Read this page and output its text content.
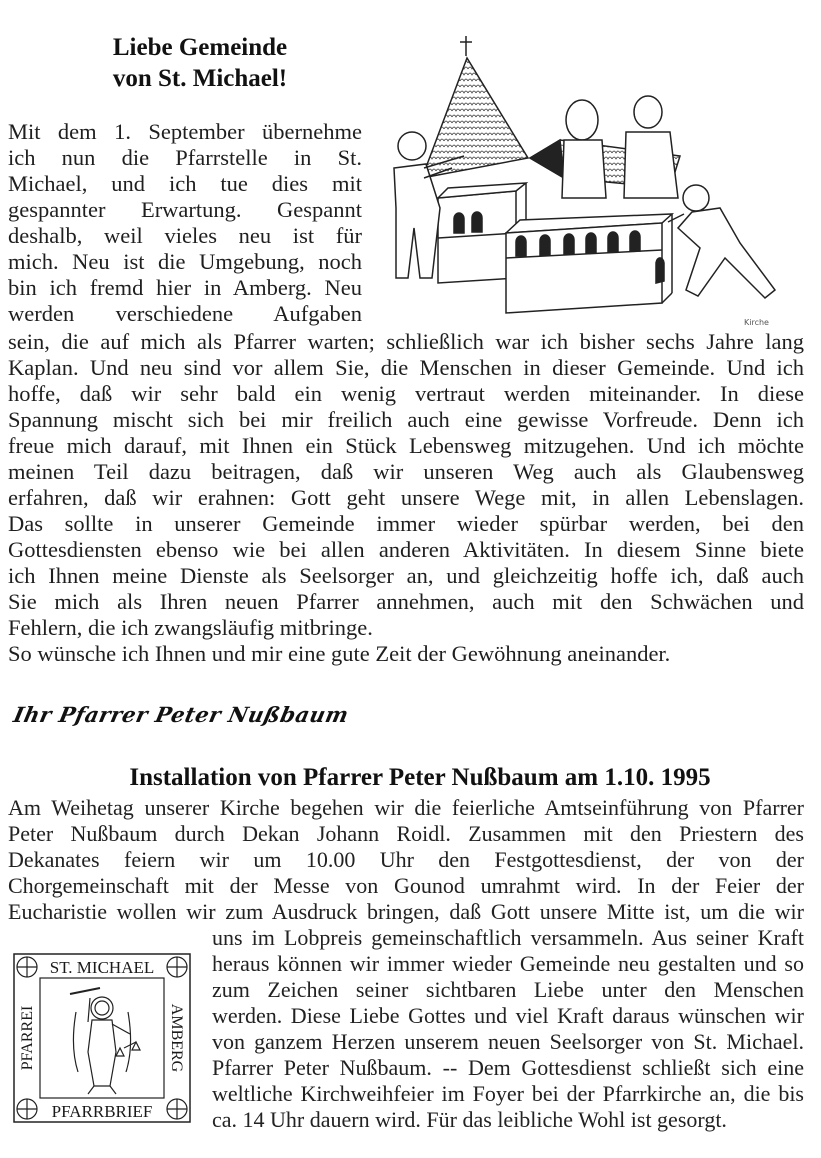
Liebe Gemeinde
von St. Michael!
Mit dem 1. September übernehme
ich nun die Pfarrstelle in St.
Michael, und ich tue dies mit
gespannter Erwartung. Gespannt
deshalb, weil vieles neu ist für
mich. Neu ist die Umgebung, noch
bin ich fremd hier in Amberg. Neu
werden verschiedene Aufgaben
sein, die auf mich als Pfarrer warten; schließlich war ich bisher sechs Jahre lang
Kaplan. Und neu sind vor allem Sie, die Menschen in dieser Gemeinde. Und ich
hoffe, daß wir sehr bald ein wenig vertraut werden miteinander. In diese
Spannung mischt sich bei mir freilich auch eine gewisse Vorfreude. Denn ich
freue mich darauf, mit Ihnen ein Stück Lebensweg mitzugehen. Und ich möchte
meinen Teil dazu beitragen, daß wir unseren Weg auch als Glaubensweg
erfahren, daß wir erahnen: Gott geht unsere Wege mit, in allen Lebenslagen.
Das sollte in unserer Gemeinde immer wieder spürbar werden, bei den
Gottesdiensten ebenso wie bei allen anderen Aktivitäten. In diesem Sinne biete
ich Ihnen meine Dienste als Seelsorger an, und gleichzeitig hoffe ich, daß auch
Sie mich als Ihren neuen Pfarrer annehmen, auch mit den Schwächen und
Fehlern, die ich zwangsläufig mitbringe.
So wünsche ich Ihnen und mir eine gute Zeit der Gewöhnung aneinander.
Ihr Pfarrer Peter Nußbaum
Kirche
Installation von Pfarrer Peter Nußbaum am 1.10. 1995
Am Weihetag unserer Kirche begehen wir die feierliche Amtseinführung von Pfarrer
Peter Nußbaum durch Dekan Johann Roidl. Zusammen mit den Priestern des
Dekanates feiern wir um 10.00 Uhr den Festgottesdienst, der von der
Chorgemeinschaft mit der Messe von Gounod umrahmt wird. In der Feier der
Eucharistie wollen wir zum Ausdruck bringen, daß Gott unsere Mitte ist, um die wir
uns im Lobpreis gemeinschaftlich versammeln. Aus seiner Kraft
heraus können wir immer wieder Gemeinde neu gestalten und so
zum Zeichen seiner sichtbaren Liebe unter den Menschen
werden. Diese Liebe Gottes und viel Kraft daraus wünschen wir
von ganzem Herzen unserem neuen Seelsorger von St. Michael.
Pfarrer Peter Nußbaum. -- Dem Gottesdienst schließt sich eine
weltliche Kirchweihfeier im Foyer bei der Pfarrkirche an, die bis
ca. 14 Uhr dauern wird. Für das leibliche Wohl ist gesorgt.
ST. MICHAEL
PFARRBRIEF
PFARREI	AMBERG
